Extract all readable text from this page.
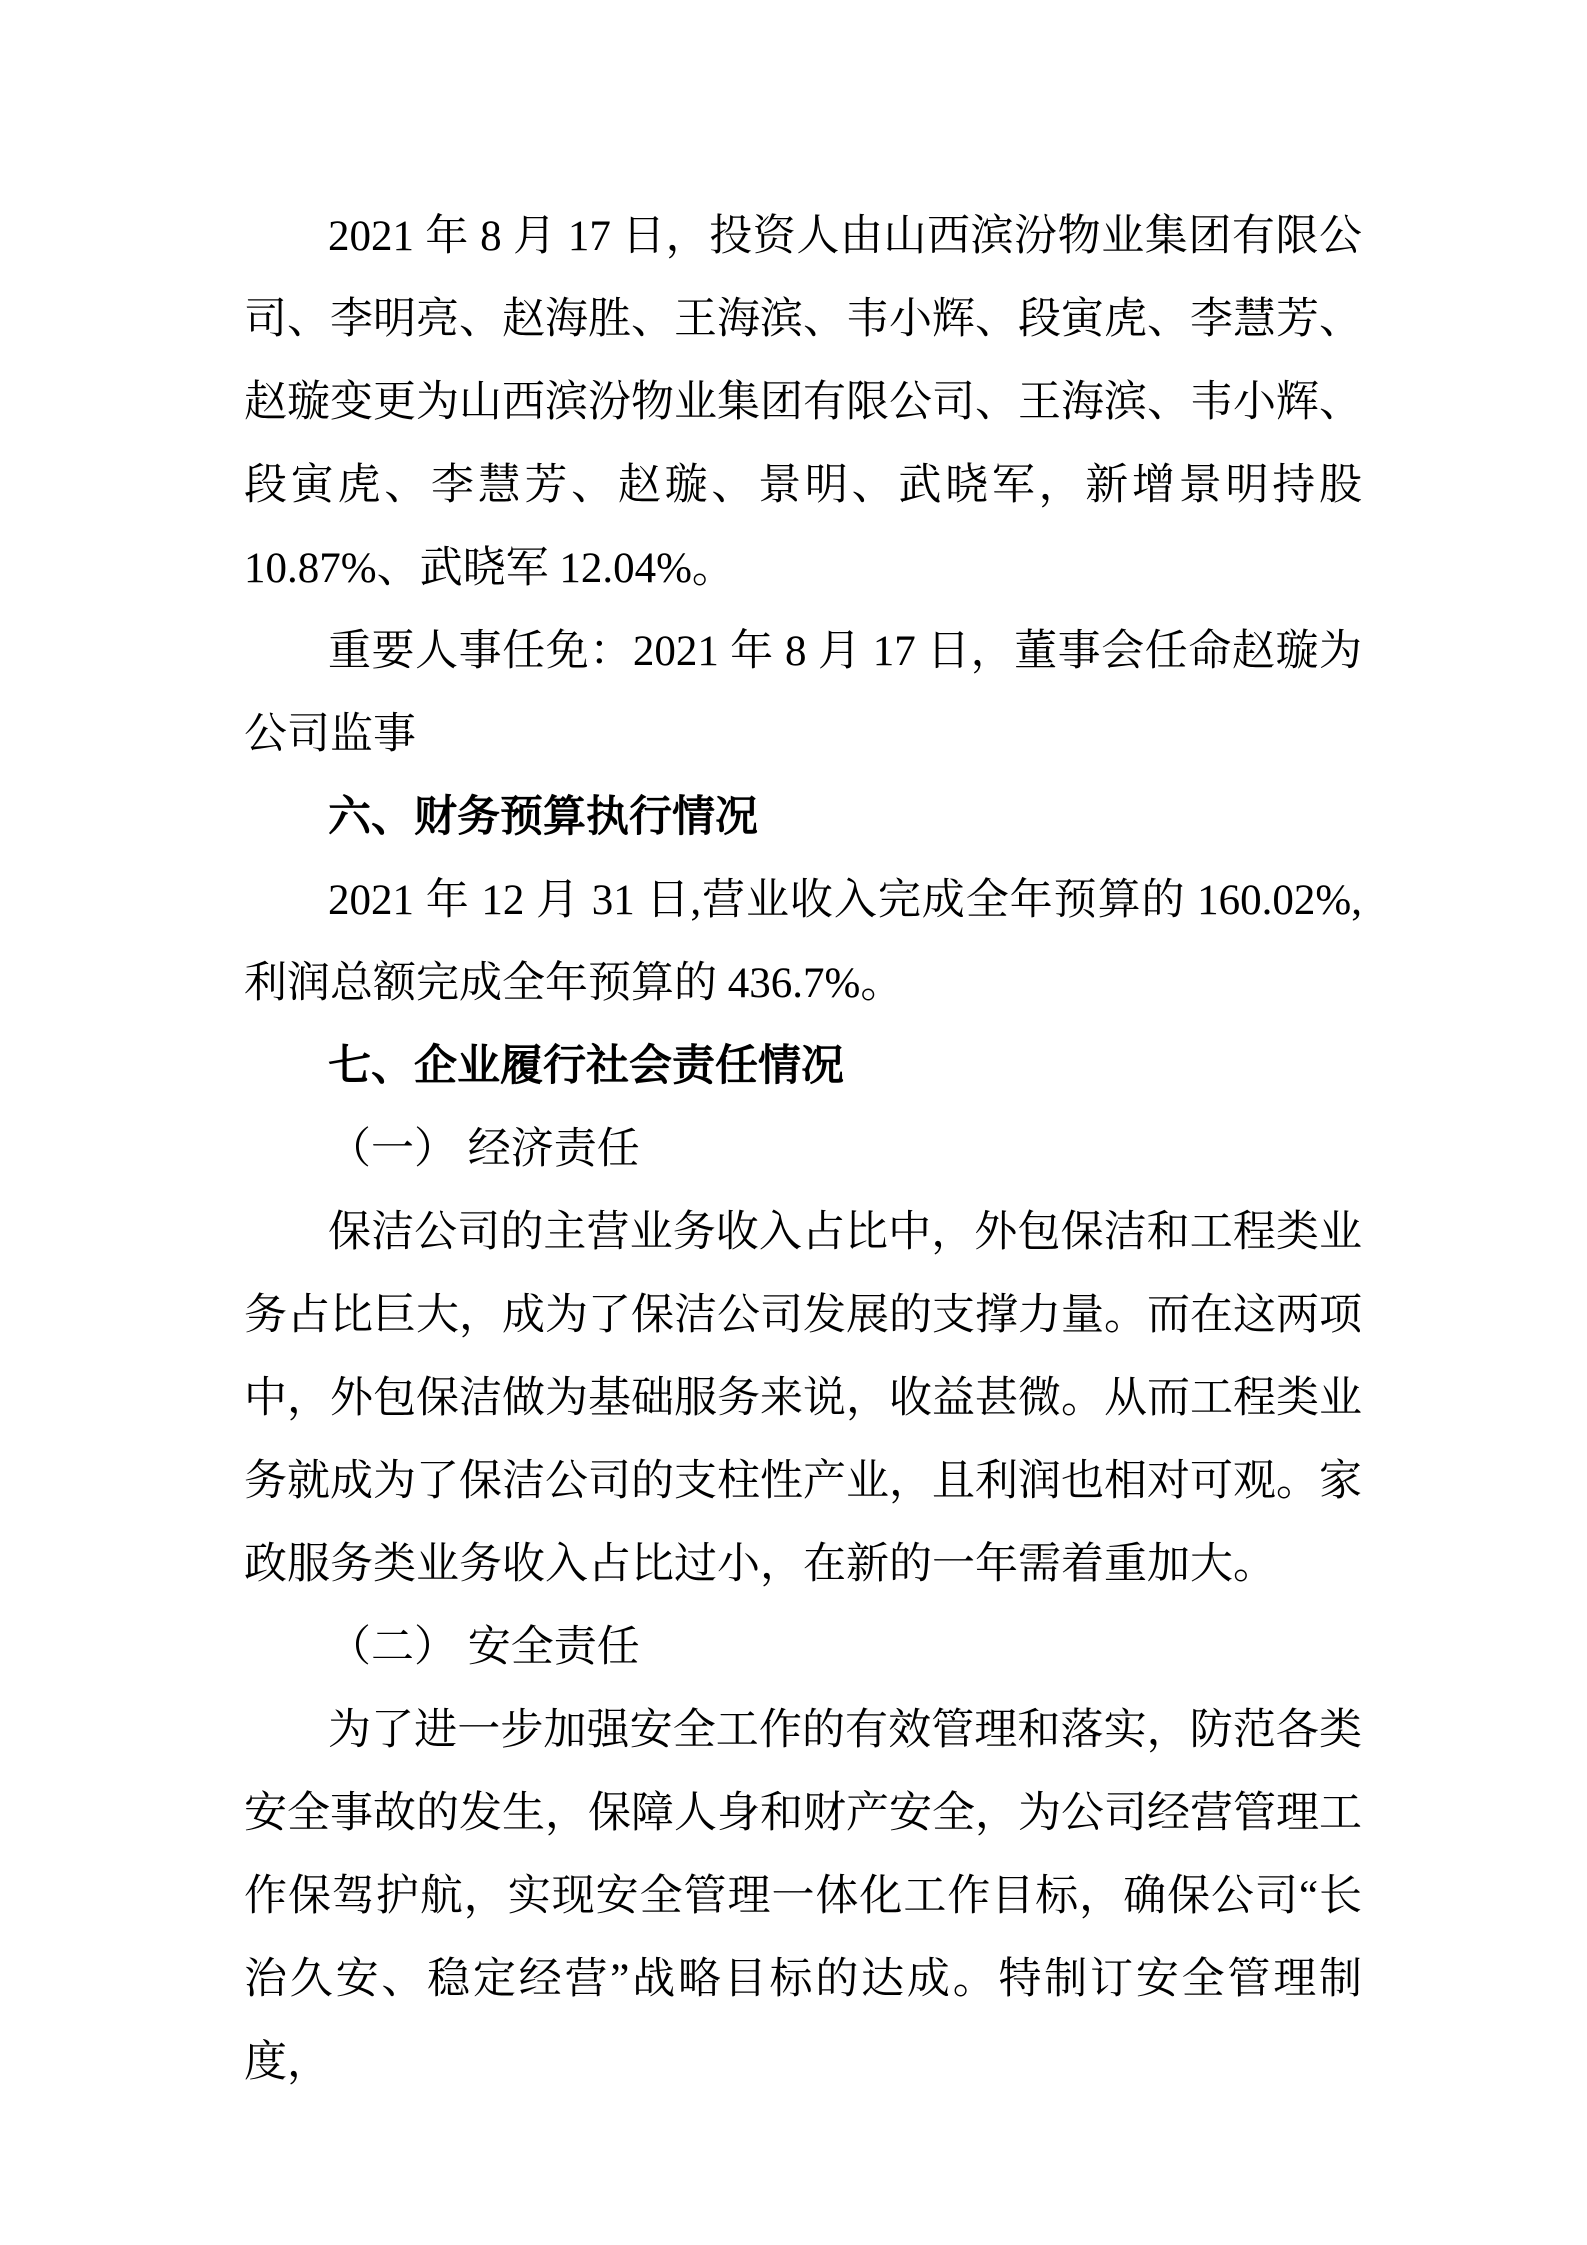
2021 年 8 月 17 日，投资人由山西滨汾物业集团有限公司、李明亮、赵海胜、王海滨、韦小辉、段寅虎、李慧芳、赵璇变更为山西滨汾物业集团有限公司、王海滨、韦小辉、段寅虎、李慧芳、赵璇、景明、武晓军，新增景明持股 10.87%、武晓军 12.04%。

重要人事任免：2021 年 8 月 17 日，董事会任命赵璇为公司监事

六、财务预算执行情况

2021 年 12 月 31 日,营业收入完成全年预算的 160.02%,利润总额完成全年预算的 436.7%。

七、企业履行社会责任情况

（一） 经济责任

保洁公司的主营业务收入占比中，外包保洁和工程类业务占比巨大，成为了保洁公司发展的支撑力量。而在这两项中，外包保洁做为基础服务来说，收益甚微。从而工程类业务就成为了保洁公司的支柱性产业，且利润也相对可观。家政服务类业务收入占比过小，在新的一年需着重加大。

（二） 安全责任

为了进一步加强安全工作的有效管理和落实，防范各类安全事故的发生，保障人身和财产安全，为公司经营管理工作保驾护航，实现安全管理一体化工作目标，确保公司“长治久安、稳定经营”战略目标的达成。特制订安全管理制度，
